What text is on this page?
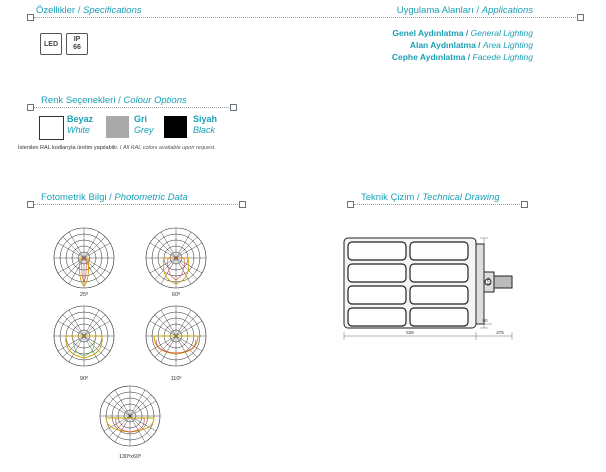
Özellikler / Specifications
LED
IP
66
Uygulama Alanları / Applications
Genel Aydınlatma / General Lighting
Alan Aydınlatma / Area Lighting
Cephe Aydınlatma / Facede Lighting
Renk Seçenekleri / Colour Options
Beyaz
White
Gri
Grey
Siyah
Black
İstenilen RAL kodlarıyla üretim yapılabilir. / All RAL colors available upon request.
Fotometrik Bilgi / Photometric Data
25º	60º
90º	110º
130ºx60º
Teknik Çizim / Technical Drawing
528
470
275
90
